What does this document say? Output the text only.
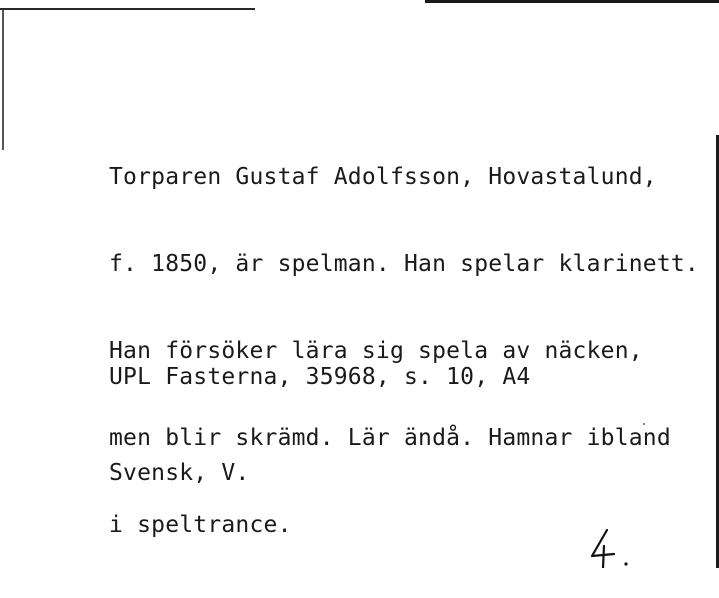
Torparen Gustaf Adolfsson, Hovastalund,

f. 1850, är spelman. Han spelar klarinett.

Han försöker lära sig spela av näcken,

men blir skrämd. Lär ändå. Hamnar ibland

i speltrance.

UPL Fasterna, 35968, s. 10, A4

Svensk, V.
